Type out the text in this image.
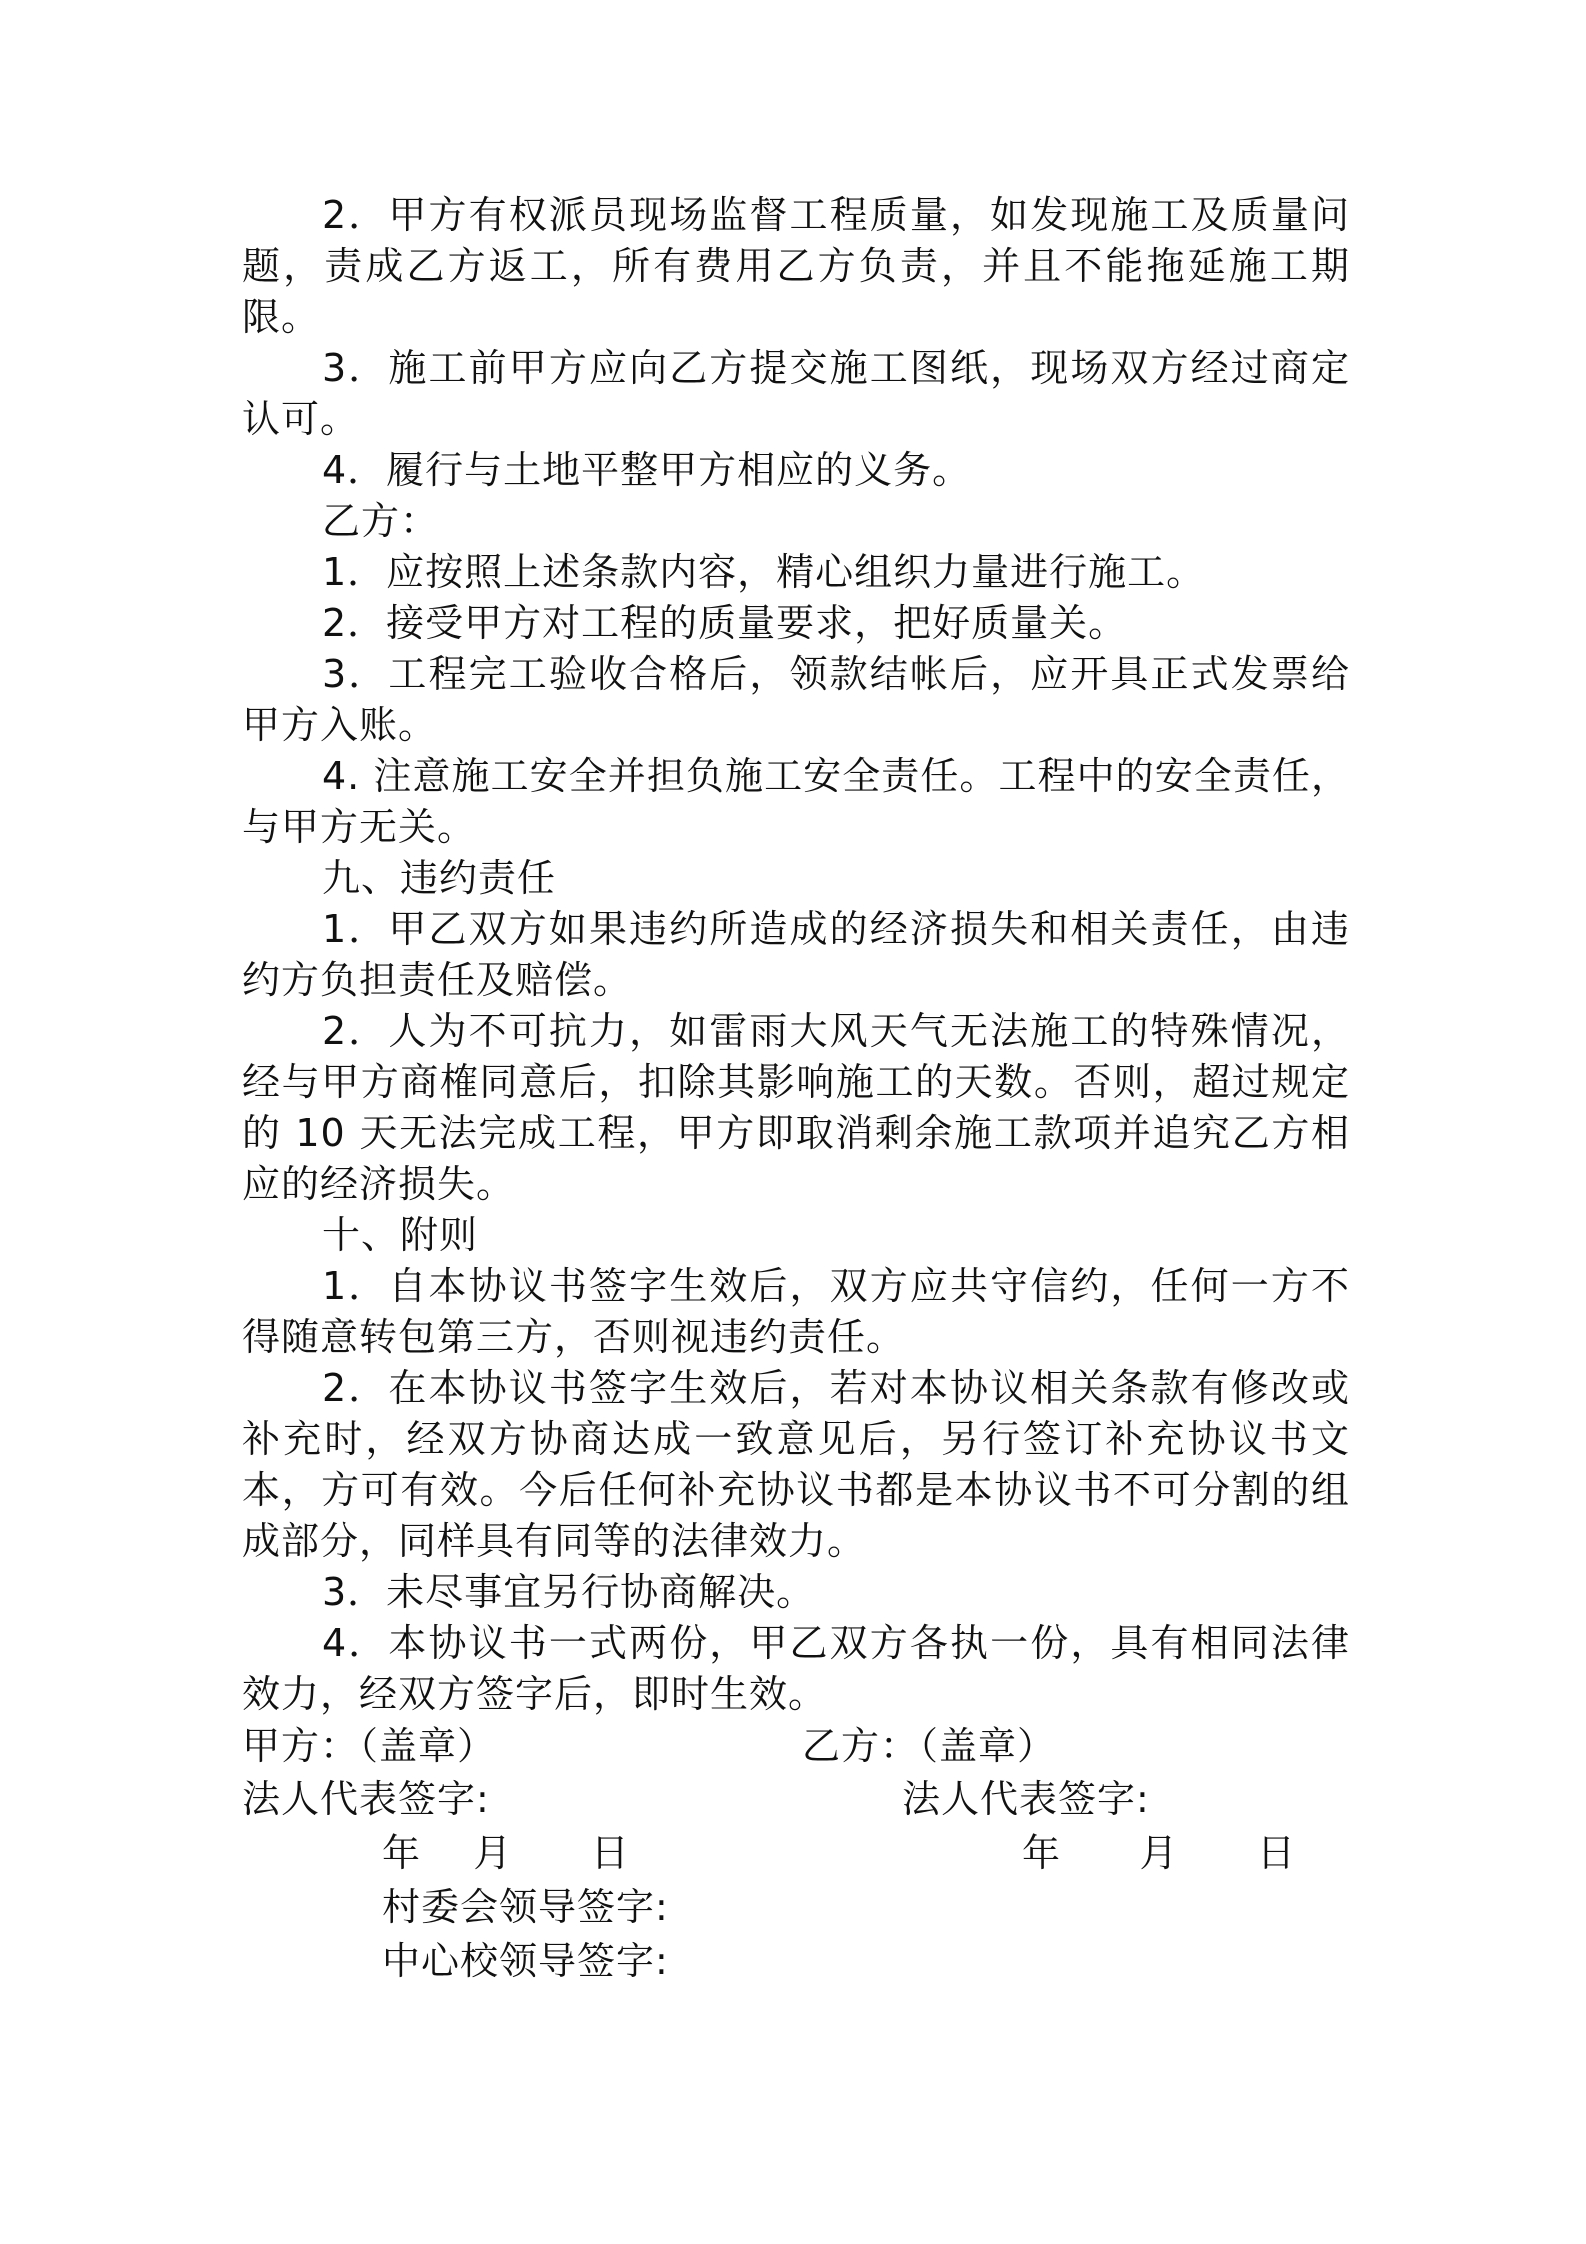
2．甲方有权派员现场监督工程质量，如发现施工及质量问题，责成乙方返工，所有费用乙方负责，并且不能拖延施工期限。

3．施工前甲方应向乙方提交施工图纸，现场双方经过商定认可。

4．履行与土地平整甲方相应的义务。

乙方：

1．应按照上述条款内容，精心组织力量进行施工。

2．接受甲方对工程的质量要求，把好质量关。

3．工程完工验收合格后，领款结帐后，应开具正式发票给甲方入账。

4. 注意施工安全并担负施工安全责任。工程中的安全责任，与甲方无关。

九、违约责任

1．甲乙双方如果违约所造成的经济损失和相关责任，由违约方负担责任及赔偿。

2．人为不可抗力，如雷雨大风天气无法施工的特殊情况，经与甲方商榷同意后，扣除其影响施工的天数。否则，超过规定的 10 天无法完成工程，甲方即取消剩余施工款项并追究乙方相应的经济损失。

十、附则

1．自本协议书签字生效后，双方应共守信约，任何一方不得随意转包第三方，否则视违约责任。

2．在本协议书签字生效后，若对本协议相关条款有修改或补充时，经双方协商达成一致意见后，另行签订补充协议书文本，方可有效。今后任何补充协议书都是本协议书不可分割的组成部分，同样具有同等的法律效力。

3．未尽事宜另行协商解决。

4．本协议书一式两份，甲乙双方各执一份，具有相同法律效力，经双方签字后，即时生效。

甲方：（盖章）	乙方：（盖章）
法人代表签字:	法人代表签字:
年    月      日	年      月      日
村委会领导签字:
中心校领导签字:
